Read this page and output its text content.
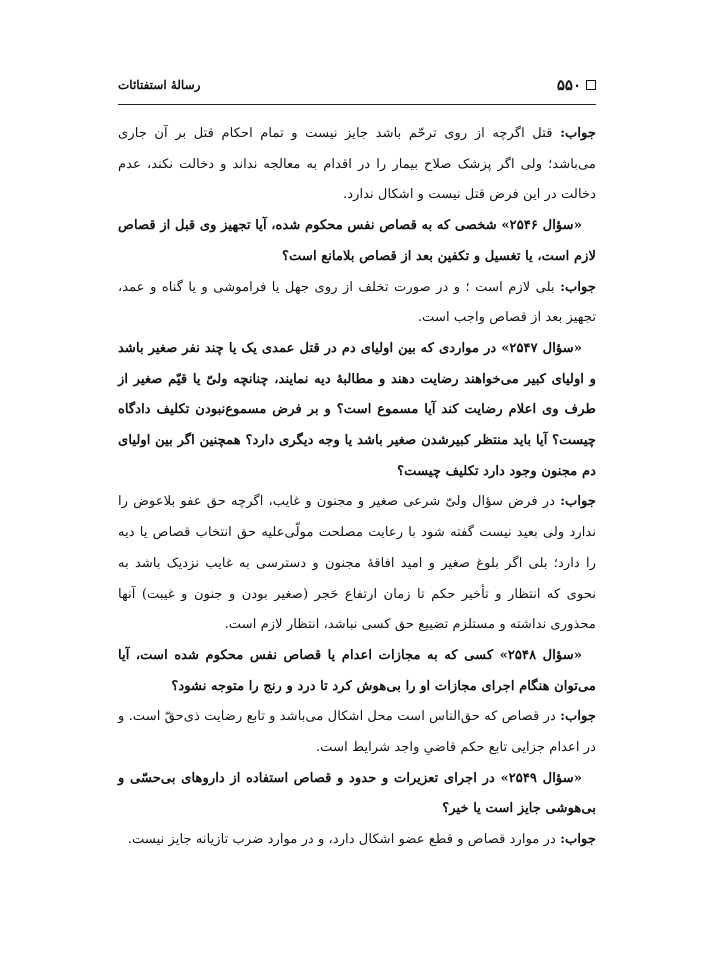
۵۵۰
رسالهٔ استفتائات

جواب: قتل اگرچه از روی ترحّم باشد جایز نیست و تمام احکام قتل بر آن جاری می‌باشد؛ ولی اگر پزشک صلاح بیمار را در اقدام به معالجه نداند و دخالت نکند، عدم دخالت در این فرض قتل نیست و اشکال ندارد.

«سؤال ۲۵۴۶» شخصی که به قصاص نفس محکوم شده، آیا تجهیز وی قبل از قصاص لازم است، یا تغسیل و تکفین بعد از قصاص بلامانع است؟

جواب: بلی لازم است ؛ و در صورت تخلف از روی جهل یا فراموشی و یا گناه و عمد، تجهیز بعد از قصاص واجب است.

«سؤال ۲۵۴۷» در مواردی که بین اولیای دم در قتل عمدی یک یا چند نفر صغیر باشد و اولیای کبیر می‌خواهند رضایت دهند و مطالبهٔ دیه نمایند، چنانچه ولیّ یا قیّم صغیر از طرف وی اعلام رضایت کند آیا مسموع است؟ و بر فرض مسموع‌نبودن تکلیف دادگاه چیست؟ آیا باید منتظر کبیرشدن صغیر باشد یا وجه دیگری دارد؟ همچنین اگر بین اولیای دم مجنون وجود دارد تکلیف چیست؟

جواب: در فرض سؤال ولیّ شرعی صغیر و مجنون و غایب، اگرچه حق عفو بلاعوض را ندارد ولی بعید نیست گفته شود با رعایت مصلحت مولّی‌علیه حق انتخاب قصاص یا دیه را دارد؛ بلی اگر بلوغ صغیر و امید افاقهٔ مجنون و دسترسی به غایب نزدیک باشد به نحوی که انتظار و تأخیر حکم تا زمان ارتفاع حَجر (صغیر بودن و جنون و غیبت) آنها محذوری نداشته و مستلزم تضییع حق کسی نباشد، انتظار لازم است.

«سؤال ۲۵۴۸» کسی که به مجازات اعدام یا قصاص نفس محکوم شده است، آیا می‌توان هنگام اجرای مجازات او را بی‌هوش کرد تا درد و رنج را متوجه نشود؟

جواب: در قصاص که حق‌الناس است محل اشکال می‌باشد و تابع رضایت ذی‌حقّ است. و در اعدام جزایی تابع حکم قاضیِ واجد شرایط است.

«سؤال ۲۵۴۹» در اجرای تعزیرات و حدود و قصاص استفاده از داروهای بی‌حسّی و بی‌هوشی جایز است یا خیر؟

جواب: در موارد قصاص و قطع عضو اشکال دارد، و در موارد ضرب تازیانه جایز نیست.
